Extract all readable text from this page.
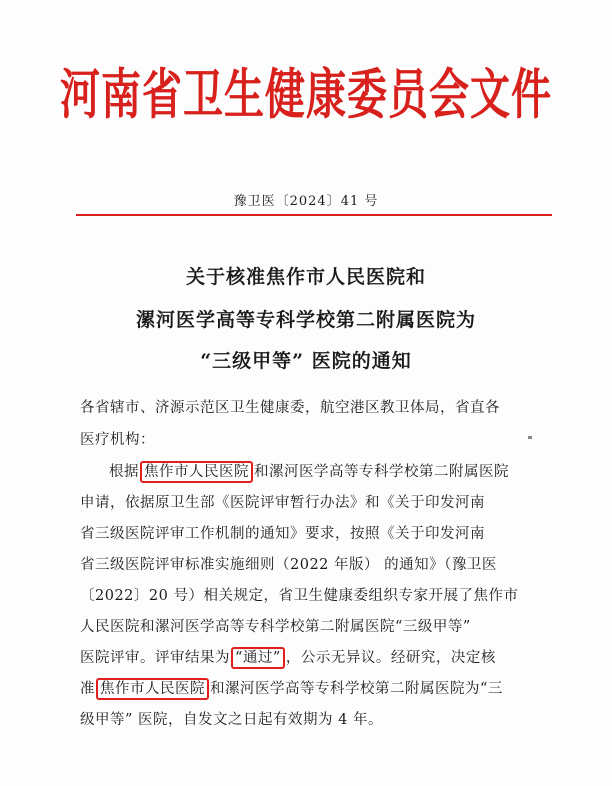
河南省卫生健康委员会文件
豫卫医〔2024〕41 号
关于核准焦作市人民医院和
漯河医学高等专科学校第二附属医院为
“三级甲等” 医院的通知
各省辖市、济源示范区卫生健康委，航空港区教卫体局，省直各
医疗机构：
根据 焦作市人民医院 和漯河医学高等专科学校第二附属医院
申请，依据原卫生部《医院评审暂行办法》和《关于印发河南
省三级医院评审工作机制的通知》要求，按照《关于印发河南
省三级医院评审标准实施细则（2022 年版） 的通知》（豫卫医
〔2022〕20 号）相关规定，省卫生健康委组织专家开展了焦作市
人民医院和漯河医学高等专科学校第二附属医院“三级甲等”
医院评审。评审结果为 “通过” ，公示无异议。经研究，决定核
准 焦作市人民医院 和漯河医学高等专科学校第二附属医院为“三
级甲等” 医院，自发文之日起有效期为 4 年。
